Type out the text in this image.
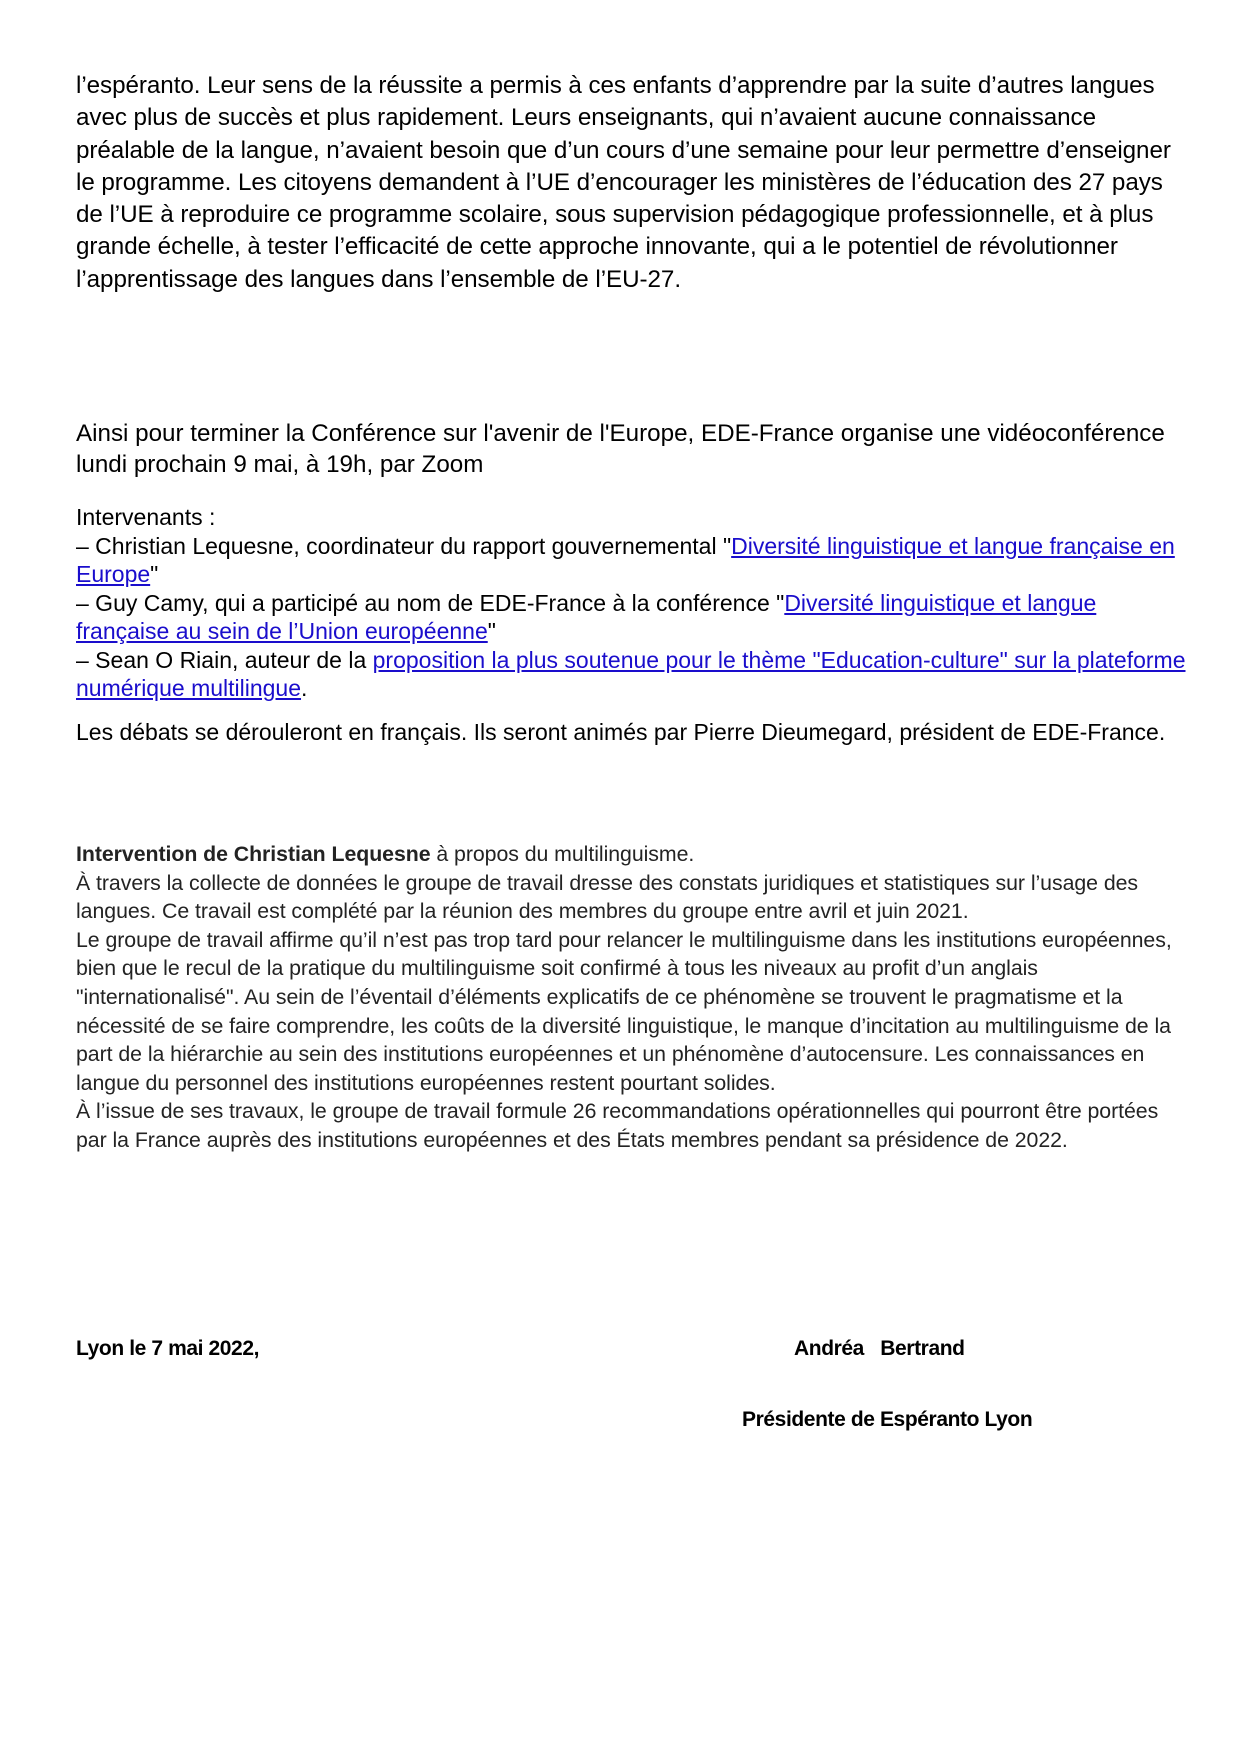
l’espéranto. Leur sens de la réussite a permis à ces enfants d’apprendre par la suite d’autres langues avec plus de succès et plus rapidement. Leurs enseignants, qui n’avaient aucune connaissance préalable de la langue, n’avaient besoin que d’un cours d’une semaine pour leur permettre d’enseigner le programme. Les citoyens demandent à l’UE d’encourager les ministères de l’éducation des 27 pays de l’UE à reproduire ce programme scolaire, sous supervision pédagogique professionnelle, et à plus grande échelle, à tester l’efficacité de cette approche innovante, qui a le potentiel de révolutionner l’apprentissage des langues dans l’ensemble de l’EU-27.

Ainsi pour terminer la Conférence sur l'avenir de l'Europe, EDE-France organise une vidéoconférence lundi prochain 9 mai, à 19h, par Zoom

Intervenants :
– Christian Lequesne, coordinateur du rapport gouvernemental "Diversité linguistique et langue française en Europe"
– Guy Camy, qui a participé au nom de EDE-France à la conférence "Diversité linguistique et langue française au sein de l’Union européenne"
– Sean O Riain, auteur de la proposition la plus soutenue pour le thème "Education-culture" sur la plateforme numérique multilingue.

Les débats se dérouleront en français. Ils seront animés par Pierre Dieumegard, président de EDE-France.

Intervention de Christian Lequesne à propos du multilinguisme.
À travers la collecte de données le groupe de travail dresse des constats juridiques et statistiques sur l’usage des langues. Ce travail est complété par la réunion des membres du groupe entre avril et juin 2021.
Le groupe de travail affirme qu’il n’est pas trop tard pour relancer le multilinguisme dans les institutions européennes, bien que le recul de la pratique du multilinguisme soit confirmé à tous les niveaux au profit d’un anglais "internationalisé". Au sein de l’éventail d’éléments explicatifs de ce phénomène se trouvent le pragmatisme et la nécessité de se faire comprendre, les coûts de la diversité linguistique, le manque d’incitation au multilinguisme de la part de la hiérarchie au sein des institutions européennes et un phénomène d’autocensure. Les connaissances en langue du personnel des institutions européennes restent pourtant solides.
À l’issue de ses travaux, le groupe de travail formule 26 recommandations opérationnelles qui pourront être portées par la France auprès des institutions européennes et des États membres pendant sa présidence de 2022.
Lyon le 7 mai 2022,	Andréa   Bertrand
Présidente de Espéranto Lyon
